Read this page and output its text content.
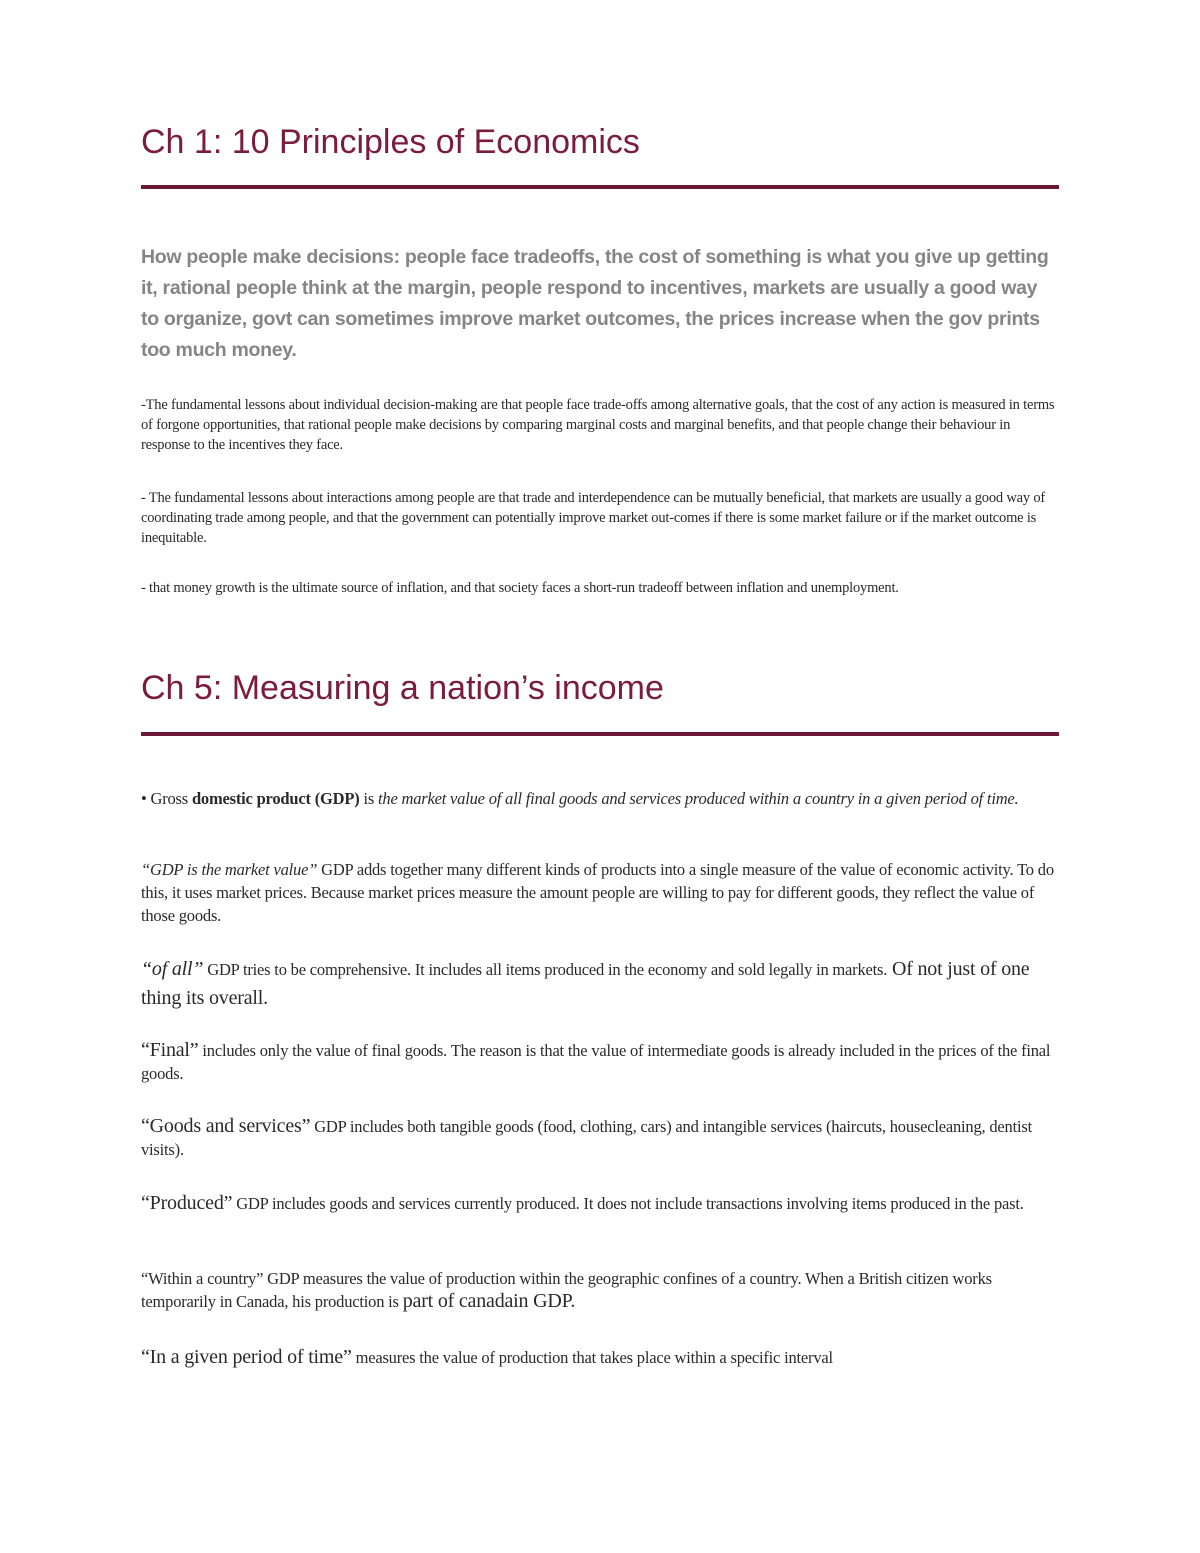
Ch 1: 10 Principles of Economics
How people make decisions: people face tradeoffs, the cost of something is what you give up getting it, rational people think at the margin, people respond to incentives, markets are usually a good way to organize, govt can sometimes improve market outcomes, the prices increase when the gov prints too much money.
-The fundamental lessons about individual decision-making are that people face trade-offs among alternative goals, that the cost of any action is measured in terms of forgone opportunities, that rational people make decisions by comparing marginal costs and marginal benefits, and that people change their behaviour in response to the incentives they face.
- The fundamental lessons about interactions among people are that trade and interdependence can be mutually beneficial, that markets are usually a good way of coordinating trade among people, and that the government can potentially improve market out-comes if there is some market failure or if the market outcome is inequitable.
- that money growth is the ultimate source of inflation, and that society faces a short-run tradeoff between inflation and unemployment.
Ch 5: Measuring a nation’s income
• Gross domestic product (GDP) is the market value of all final goods and services produced within a country in a given period of time.
“GDP is the market value” GDP adds together many different kinds of products into a single measure of the value of economic activity. To do this, it uses market prices. Because market prices measure the amount people are willing to pay for different goods, they reflect the value of those goods.
“of all” GDP tries to be comprehensive. It includes all items produced in the economy and sold legally in markets. Of not just of one thing its overall.
“Final” includes only the value of final goods. The reason is that the value of intermediate goods is already included in the prices of the final goods.
“Goods and services” GDP includes both tangible goods (food, clothing, cars) and intangible services (haircuts, housecleaning, dentist visits).
“Produced” GDP includes goods and services currently produced. It does not include transactions involving items produced in the past.
“Within a country” GDP measures the value of production within the geographic confines of a country. When a British citizen works temporarily in Canada, his production is part of canadain GDP.
“In a given period of time” measures the value of production that takes place within a specific interval
